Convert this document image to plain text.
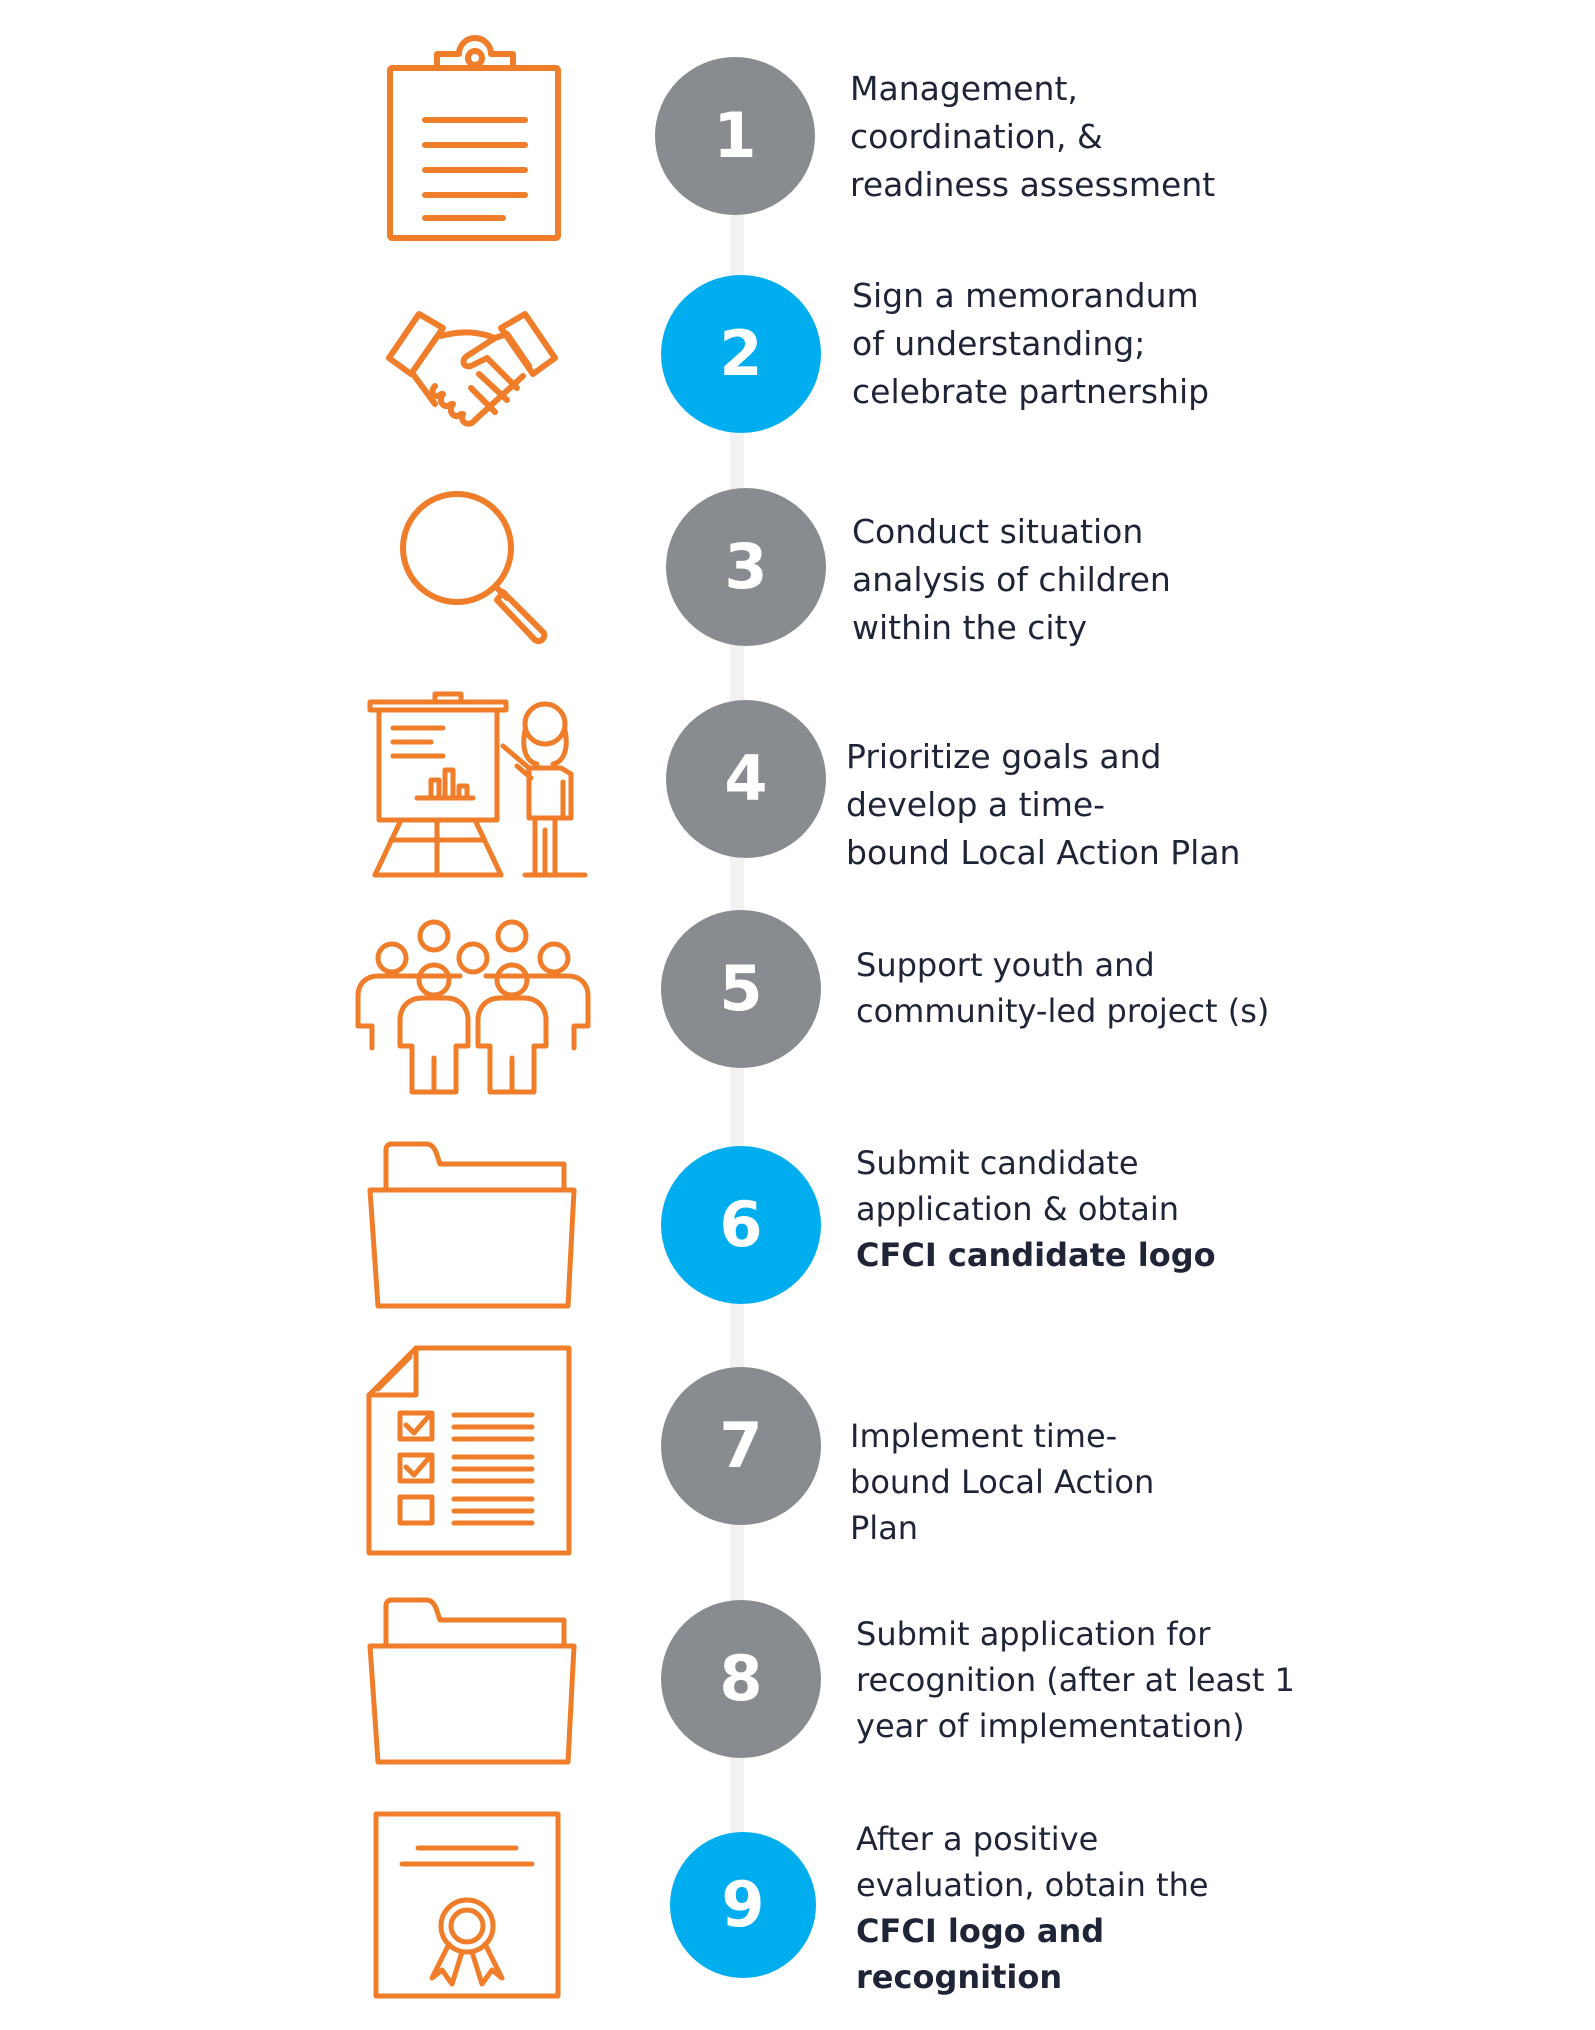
1
2
3
4
5
6
7
8
9
Management,
coordination, &
readiness assessment
Sign a memorandum
of understanding;
celebrate partnership
Conduct situation
analysis of children
within the city
Prioritize goals and
develop a time-
bound Local Action Plan
Support youth and
community-led project (s)
Submit candidate
application & obtain
CFCI candidate logo
Implement time-
bound Local Action
Plan
Submit application for
recognition (after at least 1
year of implementation)
After a positive
evaluation, obtain the
CFCI logo and
recognition
